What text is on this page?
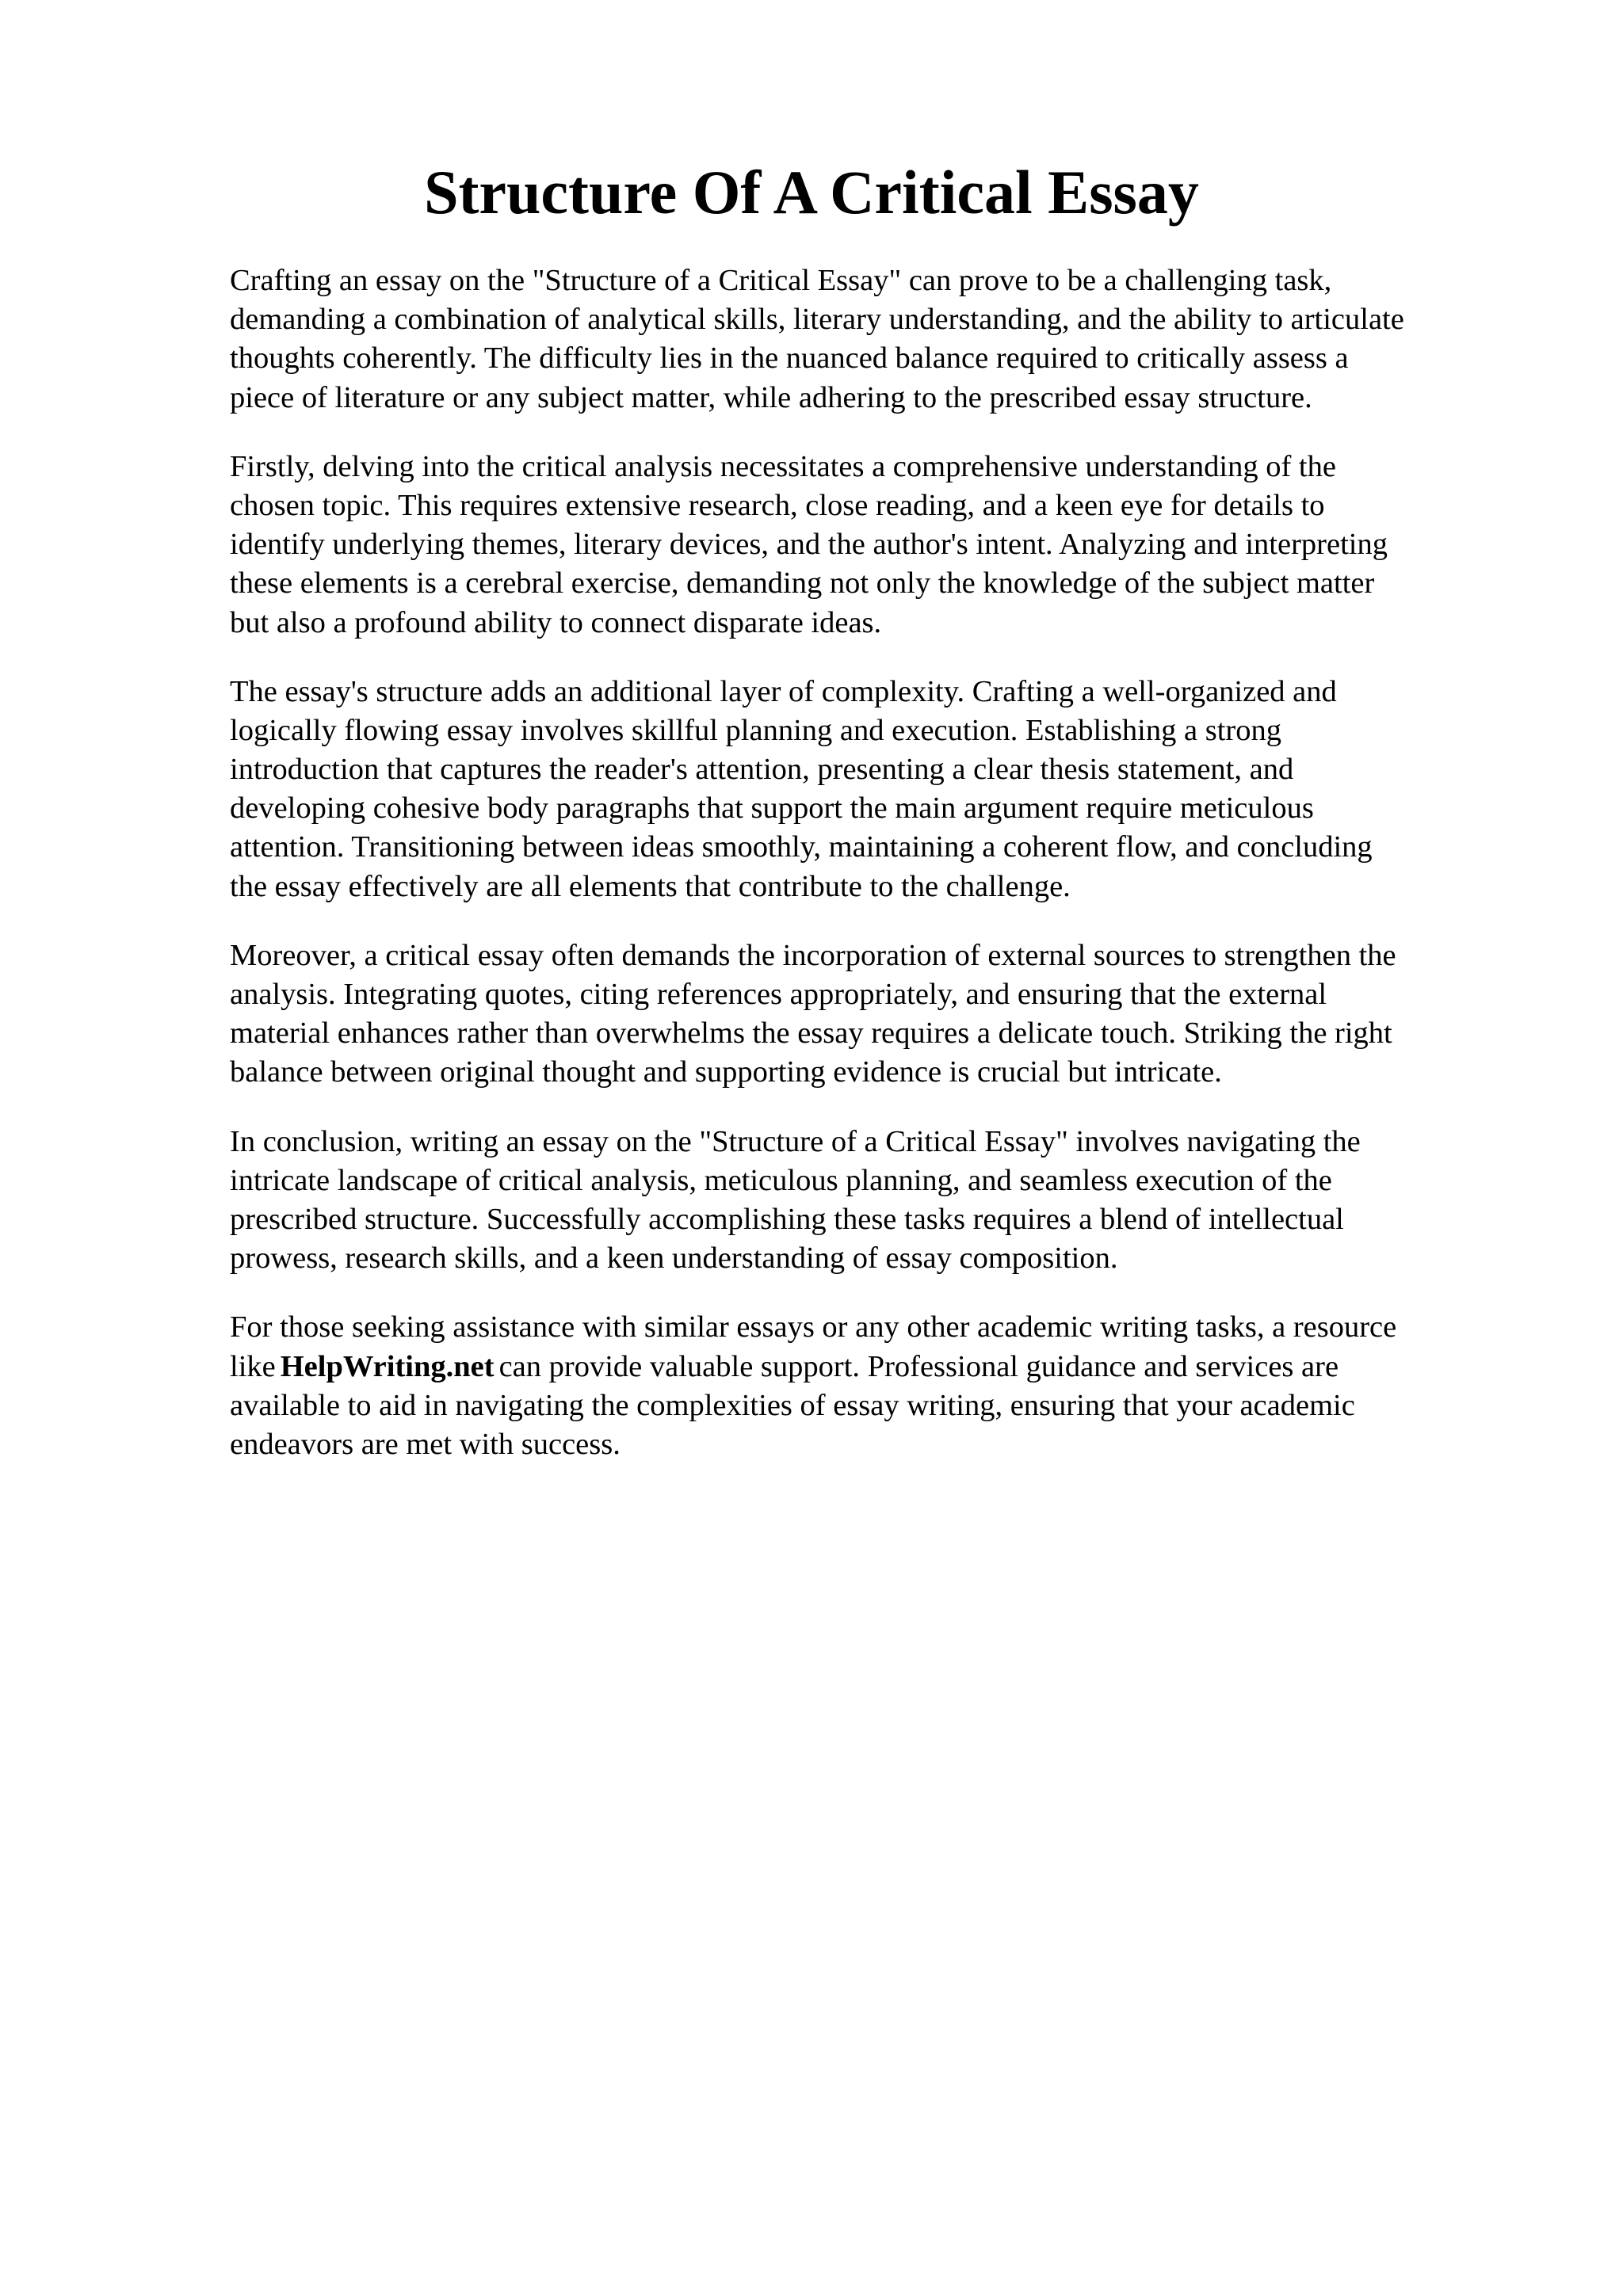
Structure Of A Critical Essay

Crafting an essay on the "Structure of a Critical Essay" can prove to be a challenging task,
demanding a combination of analytical skills, literary understanding, and the ability to articulate
thoughts coherently. The difficulty lies in the nuanced balance required to critically assess a
piece of literature or any subject matter, while adhering to the prescribed essay structure.

Firstly, delving into the critical analysis necessitates a comprehensive understanding of the
chosen topic. This requires extensive research, close reading, and a keen eye for details to
identify underlying themes, literary devices, and the author's intent. Analyzing and interpreting
these elements is a cerebral exercise, demanding not only the knowledge of the subject matter
but also a profound ability to connect disparate ideas.

The essay's structure adds an additional layer of complexity. Crafting a well-organized and
logically flowing essay involves skillful planning and execution. Establishing a strong
introduction that captures the reader's attention, presenting a clear thesis statement, and
developing cohesive body paragraphs that support the main argument require meticulous
attention. Transitioning between ideas smoothly, maintaining a coherent flow, and concluding
the essay effectively are all elements that contribute to the challenge.

Moreover, a critical essay often demands the incorporation of external sources to strengthen the
analysis. Integrating quotes, citing references appropriately, and ensuring that the external
material enhances rather than overwhelms the essay requires a delicate touch. Striking the right
balance between original thought and supporting evidence is crucial but intricate.

In conclusion, writing an essay on the "Structure of a Critical Essay" involves navigating the
intricate landscape of critical analysis, meticulous planning, and seamless execution of the
prescribed structure. Successfully accomplishing these tasks requires a blend of intellectual
prowess, research skills, and a keen understanding of essay composition.

For those seeking assistance with similar essays or any other academic writing tasks, a resource
like HelpWriting.net can provide valuable support. Professional guidance and services are
available to aid in navigating the complexities of essay writing, ensuring that your academic
endeavors are met with success.
